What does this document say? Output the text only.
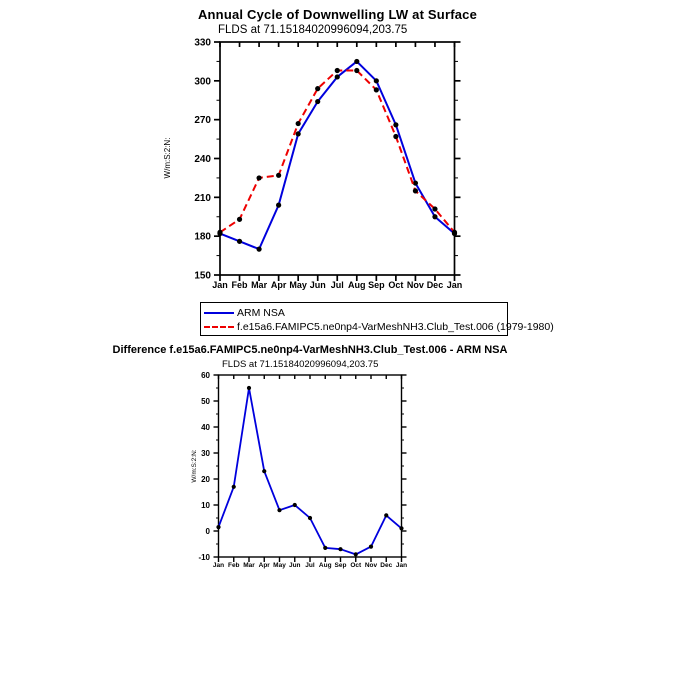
Annual Cycle of Downwelling LW at Surface
FLDS at 71.15184020996094,203.75
150
180
210
240
270
300
330
Jan Feb Mar Apr May Jun Jul Aug Sep Oct Nov Dec Jan
W/m:S:2:N:
-10
0
10
20
30
40
50
60
Jan Feb Mar Apr May Jun Jul Aug Sep Oct Nov Dec Jan
W/m:S:2:N:
ARM NSA
f.e15a6.FAMIPC5.ne0np4-VarMeshNH3.Club_Test.006 (1979-1980)
Difference f.e15a6.FAMIPC5.ne0np4-VarMeshNH3.Club_Test.006 - ARM NSA
FLDS at 71.15184020996094,203.75
